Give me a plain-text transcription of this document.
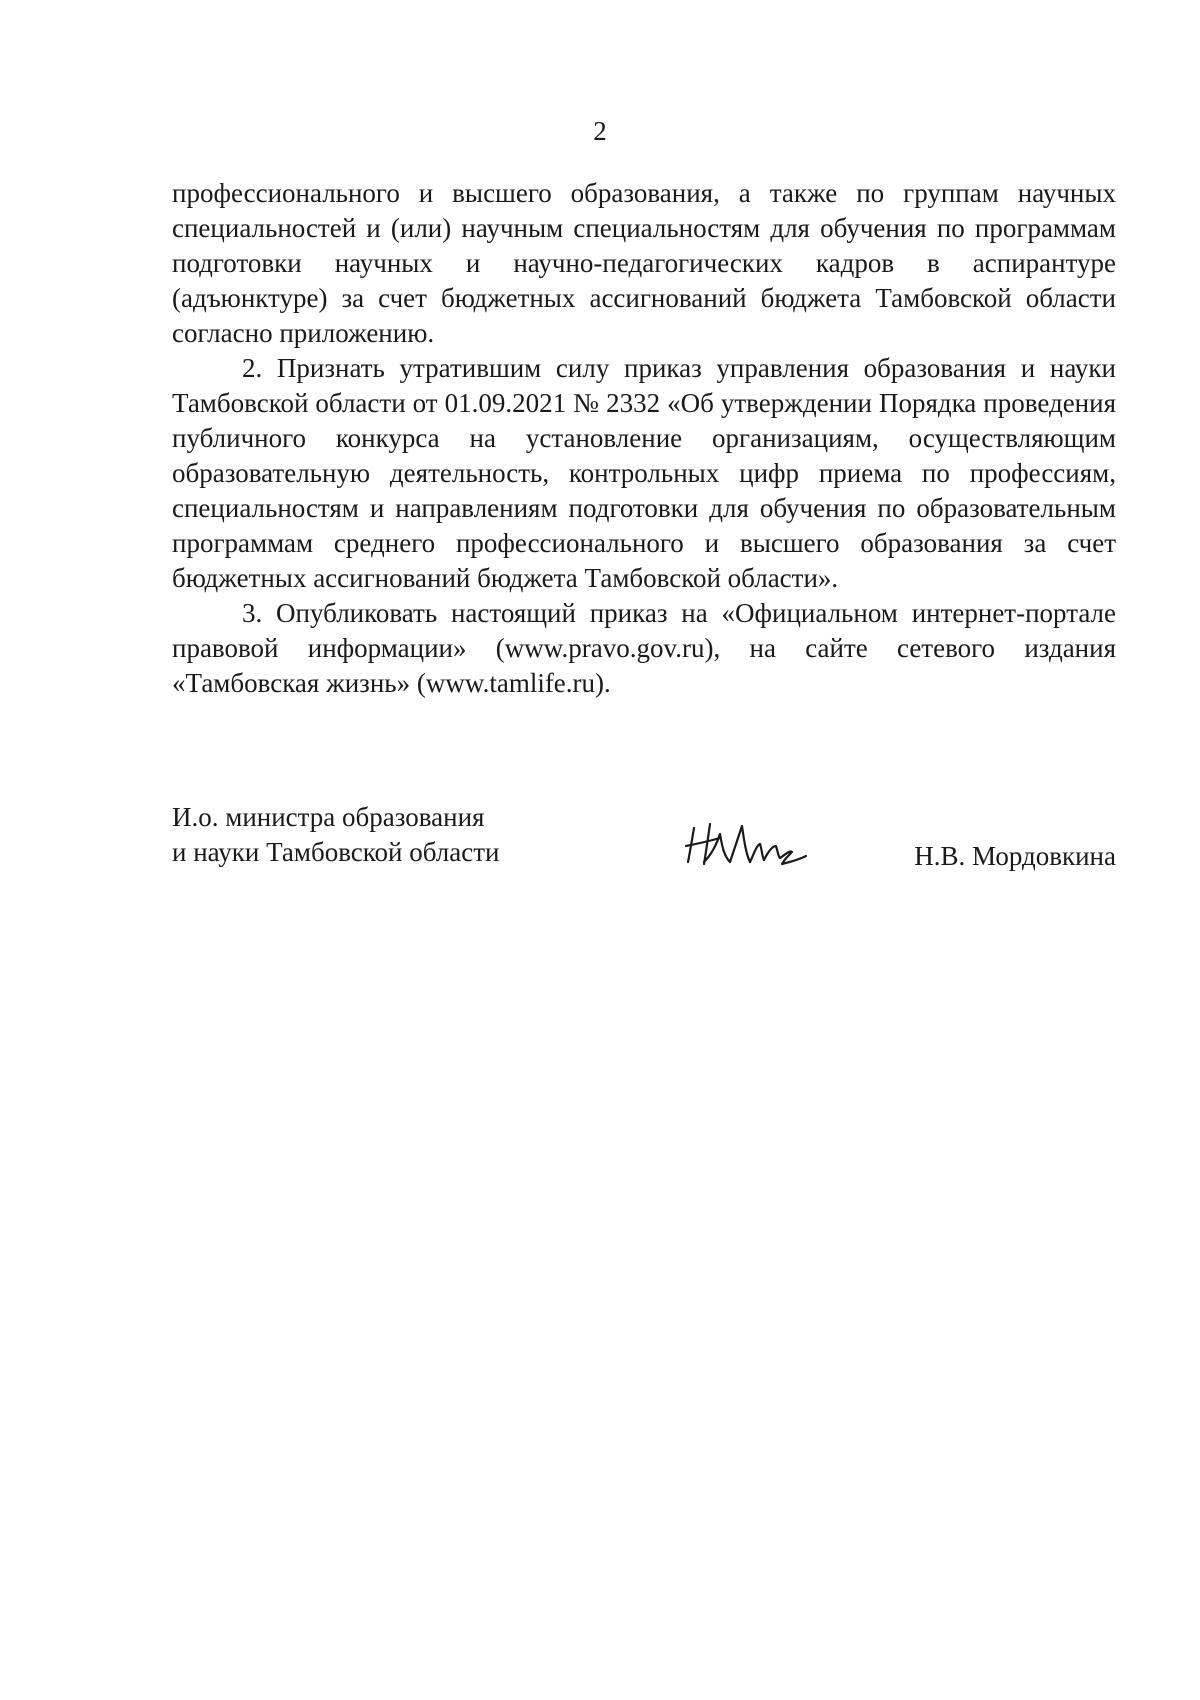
2

профессионального и высшего образования, а также по группам научных специальностей и (или) научным специальностям для обучения по программам подготовки научных и научно-педагогических кадров в аспирантуре (адъюнктуре) за счет бюджетных ассигнований бюджета Тамбовской области согласно приложению.

2. Признать утратившим силу приказ управления образования и науки Тамбовской области от 01.09.2021 № 2332 «Об утверждении Порядка проведения публичного конкурса на установление организациям, осуществляющим образовательную деятельность, контрольных цифр приема по профессиям, специальностям и направлениям подготовки для обучения по образовательным программам среднего профессионального и высшего образования за счет бюджетных ассигнований бюджета Тамбовской области».

3. Опубликовать настоящий приказ на «Официальном интернет-портале правовой информации» (www.pravo.gov.ru), на сайте сетевого издания «Тамбовская жизнь» (www.tamlife.ru).

И.о. министра образования
и науки Тамбовской области	Н.В. Мордовкина
